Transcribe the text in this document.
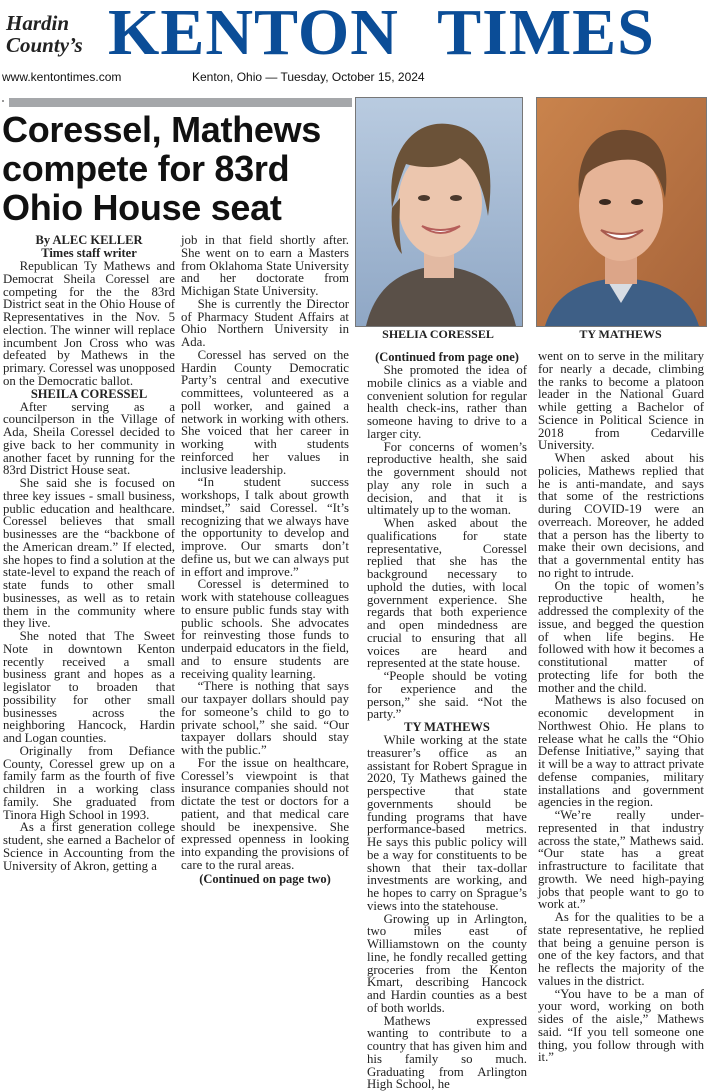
Hardin
County’s KENTON TIMES
www.kentontimes.com	Kenton, Ohio — Tuesday, October 15, 2024
Coressel, Mathews compete for 83rd Ohio House seat
SHELIA CORESSEL	TY MATHEWS
By ALEC KELLER
Times staff writer

Republican Ty Mathews and Democrat Sheila Coressel are competing for the the 83rd District seat in the Ohio House of Representatives in the Nov. 5 election. The winner will replace incumbent Jon Cross who was defeated by Mathews in the primary. Coressel was unopposed on the Democratic ballot.

SHEILA CORESSEL

After serving as a councilperson in the Village of Ada, Sheila Coressel decided to give back to her community in another facet by running for the 83rd District House seat.

She said she is focused on three key issues - small business, public education and healthcare. Coressel believes that small businesses are the “backbone of the American dream.” If elected, she hopes to find a solution at the state-level to expand the reach of state funds to other small businesses, as well as to retain them in the community where they live.

She noted that The Sweet Note in downtown Kenton recently received a small business grant and hopes as a legislator to broaden that possibility for other small businesses across the neighboring Hancock, Hardin and Logan counties.

Originally from Defiance County, Coressel grew up on a family farm as the fourth of five children in a working class family. She graduated from Tinora High School in 1993.

As a first generation college student, she earned a Bachelor of Science in Accounting from the University of Akron, getting a

job in that field shortly after. She went on to earn a Masters from Oklahoma State University and her doctorate from Michigan State University.

She is currently the Director of Pharmacy Student Affairs at Ohio Northern University in Ada.

Coressel has served on the Hardin County Democratic Party’s central and executive committees, volunteered as a poll worker, and gained a network in working with others. She voiced that her career in working with students reinforced her values in inclusive leadership.

“In student success workshops, I talk about growth mindset,” said Coressel. “It’s recognizing that we always have the opportunity to develop and improve. Our smarts don’t define us, but we can always put in effort and improve.”

Coressel is determined to work with statehouse colleagues to ensure public funds stay with public schools. She advocates for reinvesting those funds to underpaid educators in the field, and to ensure students are receiving quality learning.

“There is nothing that says our taxpayer dollars should pay for someone’s child to go to private school,” she said. “Our taxpayer dollars should stay with the public.”

For the issue on healthcare, Coressel’s viewpoint is that insurance companies should not dictate the test or doctors for a patient, and that medical care should be inexpensive. She expressed openness in looking into expanding the provisions of care to the rural areas.

(Continued on page two)
(Continued from page one)

She promoted the idea of mobile clinics as a viable and convenient solution for regular health check-ins, rather than someone having to drive to a larger city.

For concerns of women’s reproductive health, she said the government should not play any role in such a decision, and that it is ultimately up to the woman.

When asked about the qualifications for state representative, Coressel replied that she has the background necessary to uphold the duties, with local government experience. She regards that both experience and open mindedness are crucial to ensuring that all voices are heard and represented at the state house.

“People should be voting for experience and the person,” she said. “Not the party.”

TY MATHEWS

While working at the state treasurer’s office as an assistant for Robert Sprague in 2020, Ty Mathews gained the perspective that state governments should be funding programs that have performance-based metrics. He says this public policy will be a way for constituents to be shown that their tax-dollar investments are working, and he hopes to carry on Sprague’s views into the statehouse.

Growing up in Arlington, two miles east of Williamstown on the county line, he fondly recalled getting groceries from the Kenton Kmart, describing Hancock and Hardin counties as a best of both worlds.

Mathews expressed wanting to contribute to a country that has given him and his family so much. Graduating from Arlington High School, he

went on to serve in the military for nearly a decade, climbing the ranks to become a platoon leader in the National Guard while getting a Bachelor of Science in Political Science in 2018 from Cedarville University.

When asked about his policies, Mathews replied that he is anti-mandate, and says that some of the restrictions during COVID-19 were an overreach. Moreover, he added that a person has the liberty to make their own decisions, and that a governmental entity has no right to intrude.

On the topic of women’s reproductive health, he addressed the complexity of the issue, and begged the question of when life begins. He followed with how it becomes a constitutional matter of protecting life for both the mother and the child.

Mathews is also focused on economic development in Northwest Ohio. He plans to release what he calls the “Ohio Defense Initiative,” saying that it will be a way to attract private defense companies, military installations and government agencies in the region.

“We’re really under-represented in that industry across the state,” Mathews said. “Our state has a great infrastructure to facilitate that growth. We need high-paying jobs that people want to go to work at.”

As for the qualities to be a state representative, he replied that being a genuine person is one of the key factors, and that he reflects the majority of the values in the district.

“You have to be a man of your word, working on both sides of the aisle,” Mathews said. “If you tell someone one thing, you follow through with it.”
